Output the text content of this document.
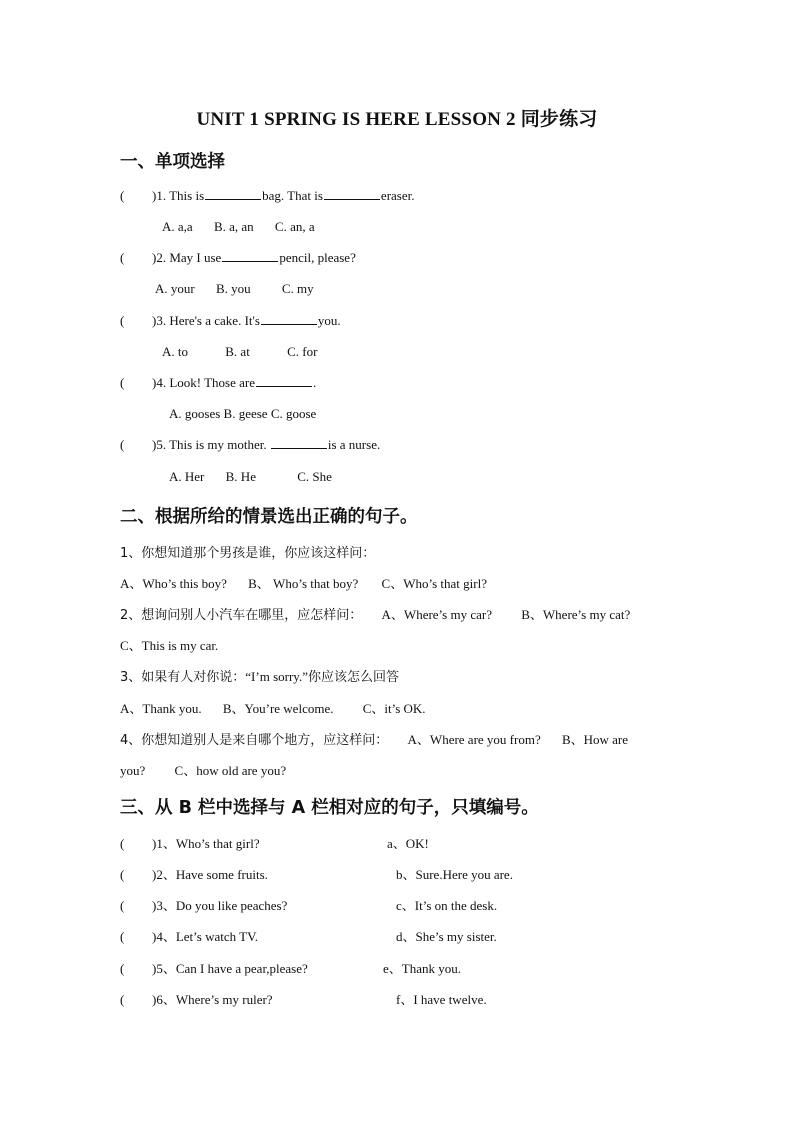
UNIT 1 SPRING IS HERE LESSON 2 同步练习
一、单项选择
( )1. This is	bag. That is	eraser.
A. a,a B. a, an C. an, a
( )2. May I use	pencil, please?
A. your B. you C. my
( )3. Here's a cake. It's	you.
A. to	B. at	C. for
( )4. Look! Those are	.
A. gooses B. geese C. goose
( )5. This is my mother.	is a nurse.
A. Her B. He	C. She
二、根据所给的情景选出正确的句子。
1、你想知道那个男孩是谁，你应该这样问：
A、Who’s this boy? B、 Who’s that boy? C、Who’s that girl?
2、想询问别人小汽车在哪里，应怎样问： A、Where’s my car? B、Where’s my cat?
C、This is my car.
3、如果有人对你说：“I’m sorry.”你应该怎么回答
A、Thank you. B、You’re welcome. C、it’s OK.
4、你想知道别人是来自哪个地方，应这样问： A、Where are you from? B、How are
you? C、how old are you?
三、从 B 栏中选择与 A 栏相对应的句子，只填编号。
( )1、Who’s that girl?	a、OK!
( )2、Have some fruits.	b、Sure.Here you are.
( )3、Do you like peaches?	c、It’s on the desk.
( )4、Let’s watch TV.	d、She’s my sister.
( )5、Can I have a pear,please?	e、Thank you.
( )6、Where’s my ruler?	f、I have twelve.
